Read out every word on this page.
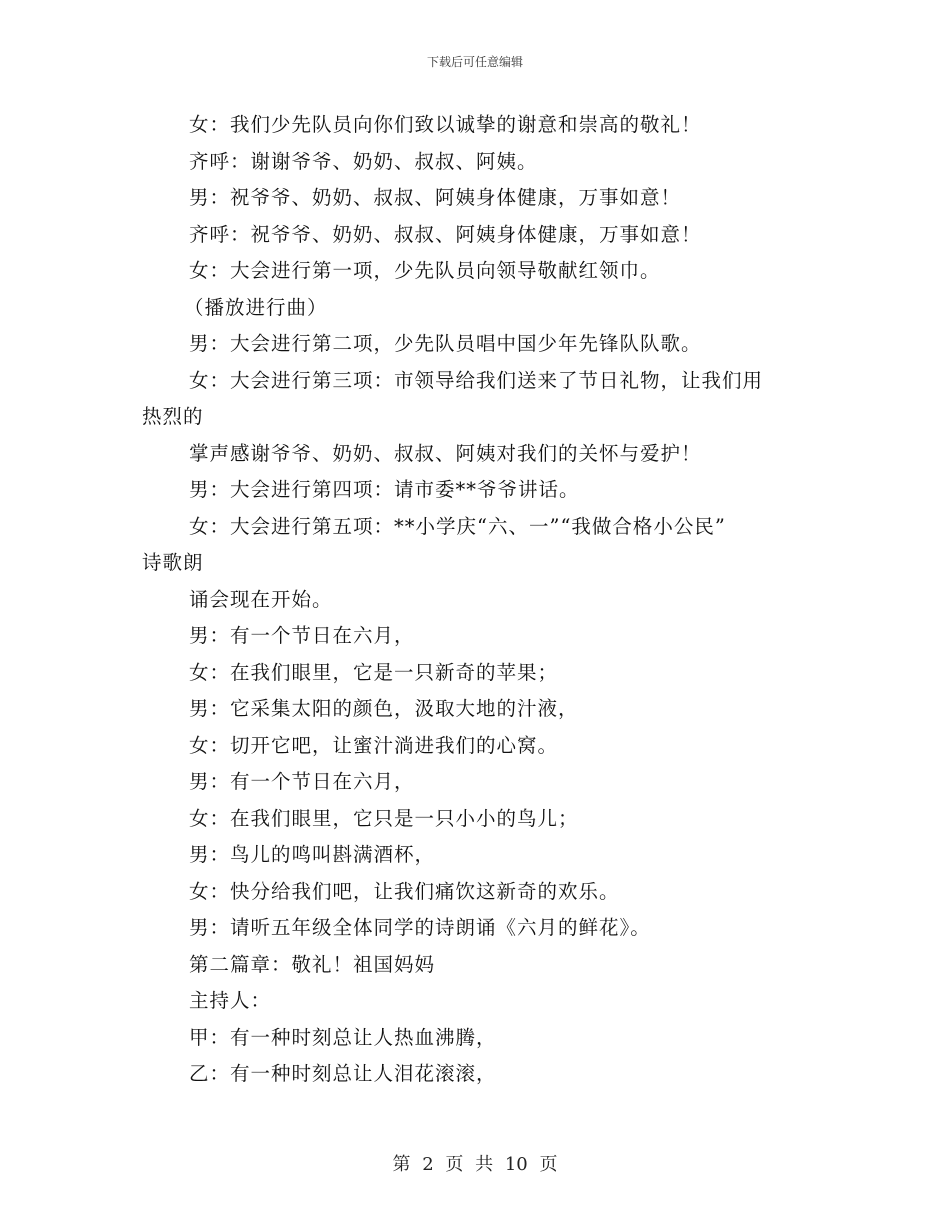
下载后可任意编辑
女：我们少先队员向你们致以诚挚的谢意和崇高的敬礼！
齐呼：谢谢爷爷、奶奶、叔叔、阿姨。
男：祝爷爷、奶奶、叔叔、阿姨身体健康，万事如意！
齐呼：祝爷爷、奶奶、叔叔、阿姨身体健康，万事如意！
女：大会进行第一项，少先队员向领导敬献红领巾。
（播放进行曲）
男：大会进行第二项，少先队员唱中国少年先锋队队歌。
女：大会进行第三项：市领导给我们送来了节日礼物，让我们用
热烈的
掌声感谢爷爷、奶奶、叔叔、阿姨对我们的关怀与爱护！
男：大会进行第四项：请市委**爷爷讲话。
女：大会进行第五项：**小学庆“六、一”“我做合格小公民”
诗歌朗
诵会现在开始。
男：有一个节日在六月，
女：在我们眼里，它是一只新奇的苹果；
男：它采集太阳的颜色，汲取大地的汁液，
女：切开它吧，让蜜汁淌进我们的心窝。
男：有一个节日在六月，
女：在我们眼里，它只是一只小小的鸟儿；
男：鸟儿的鸣叫斟满酒杯，
女：快分给我们吧，让我们痛饮这新奇的欢乐。
男：请听五年级全体同学的诗朗诵《六月的鲜花》。
第二篇章：敬礼！祖国妈妈
主持人：
甲：有一种时刻总让人热血沸腾，
乙：有一种时刻总让人泪花滚滚，
第 2 页 共 10 页
